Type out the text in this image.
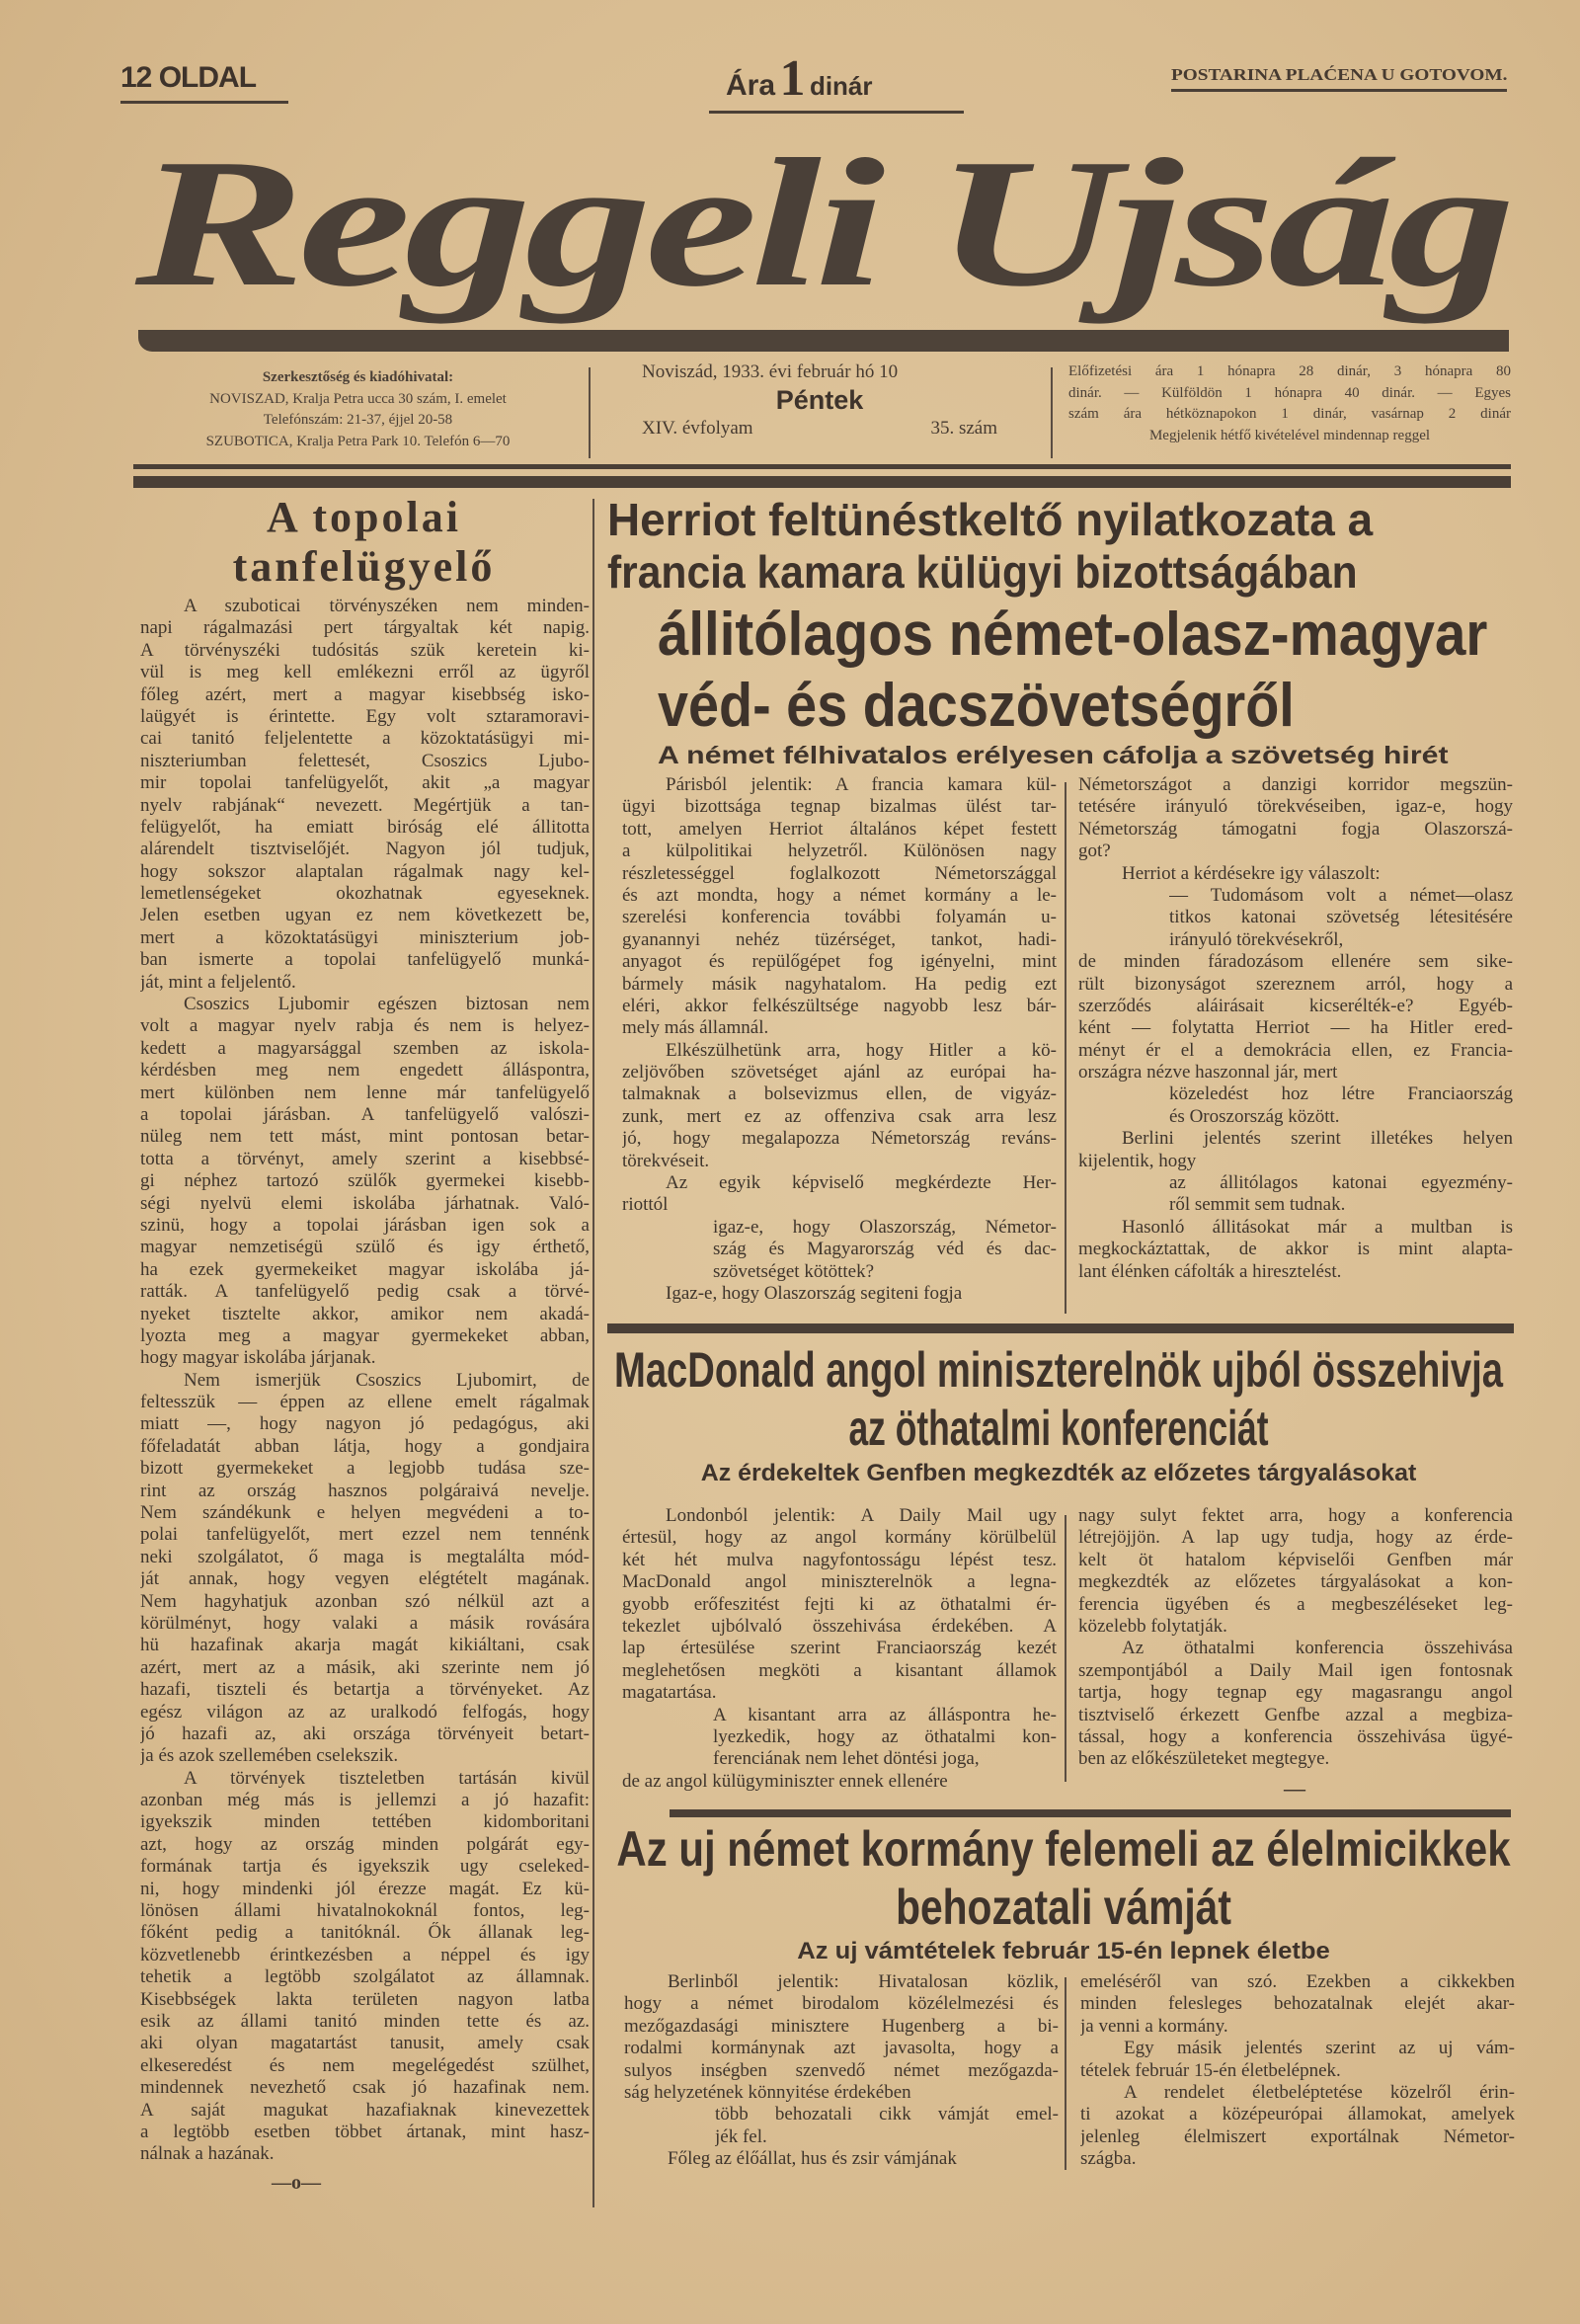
12 OLDAL	Ára 1 dinár	POSTARINA PLAĆENA U GOTOVOM.
Reggeli Ujság
Szerkesztőség és kiadóhivatal:
NOVISZAD, Kralja Petra ucca 30 szám, I. emelet
Telefónszám: 21-37, éjjel 20-58
SZUBOTICA, Kralja Petra Park 10. Telefón 6—70
Noviszád, 1933. évi február hó 10
Péntek
XIV. évfolyam	35. szám
Előfizetési ára 1 hónapra 28 dinár, 3 hónapra 80
dinár. — Külföldön 1 hónapra 40 dinár. — Egyes
szám ára hétköznapokon 1 dinár, vasárnap 2 dinár
Megjelenik hétfő kivételével mindennap reggel
A topolai
tanfelügyelő
A szuboticai törvényszéken nem minden-
napi rágalmazási pert tárgyaltak két napig.
A törvényszéki tudósitás szük keretein ki-
vül is meg kell emlékezni erről az ügyről
főleg azért, mert a magyar kisebbség isko-
laügyét is érintette. Egy volt sztaramoravi-
cai tanitó feljelentette a közoktatásügyi mi-
niszteriumban felettesét, Csoszics Ljubo-
mir topolai tanfelügyelőt, akit „a magyar
nyelv rabjának“ nevezett. Megértjük a tan-
felügyelőt, ha emiatt biróság elé állitotta
alárendelt tisztviselőjét. Nagyon jól tudjuk,
hogy sokszor alaptalan rágalmak nagy kel-
lemetlenségeket okozhatnak egyeseknek.
Jelen esetben ugyan ez nem következett be,
mert a közoktatásügyi miniszterium job-
ban ismerte a topolai tanfelügyelő munká-
ját, mint a feljelentő.
Csoszics Ljubomir egészen biztosan nem
volt a magyar nyelv rabja és nem is helyez-
kedett a magyarsággal szemben az iskola-
kérdésben meg nem engedett álláspontra,
mert különben nem lenne már tanfelügyelő
a topolai járásban. A tanfelügyelő valószi-
nüleg nem tett mást, mint pontosan betar-
totta a törvényt, amely szerint a kisebbsé-
gi néphez tartozó szülők gyermekei kisebb-
ségi nyelvü elemi iskolába járhatnak. Való-
szinü, hogy a topolai járásban igen sok a
magyar nemzetiségü szülő és igy érthető,
ha ezek gyermekeiket magyar iskolába já-
ratták. A tanfelügyelő pedig csak a törvé-
nyeket tisztelte akkor, amikor nem akadá-
lyozta meg a magyar gyermekeket abban,
hogy magyar iskolába járjanak.
Nem ismerjük Csoszics Ljubomirt, de
feltesszük — éppen az ellene emelt rágalmak
miatt —, hogy nagyon jó pedagógus, aki
főfeladatát abban látja, hogy a gondjaira
bizott gyermekeket a legjobb tudása sze-
rint az ország hasznos polgáraivá nevelje.
Nem szándékunk e helyen megvédeni a to-
polai tanfelügyelőt, mert ezzel nem tennénk
neki szolgálatot, ő maga is megtalálta mód-
ját annak, hogy vegyen elégtételt magának.
Nem hagyhatjuk azonban szó nélkül azt a
körülményt, hogy valaki a másik rovására
hü hazafinak akarja magát kikiáltani, csak
azért, mert az a másik, aki szerinte nem jó
hazafi, tiszteli és betartja a törvényeket. Az
egész világon az az uralkodó felfogás, hogy
jó hazafi az, aki országa törvényeit betart-
ja és azok szellemében cselekszik.
A törvények tiszteletben tartásán kivül
azonban még más is jellemzi a jó hazafit:
igyekszik minden tettében kidomboritani
azt, hogy az ország minden polgárát egy-
formának tartja és igyekszik ugy cseleked-
ni, hogy mindenki jól érezze magát. Ez kü-
lönösen állami hivatalnokoknál fontos, leg-
főként pedig a tanitóknál. Ők állanak leg-
közvetlenebb érintkezésben a néppel és igy
tehetik a legtöbb szolgálatot az államnak.
Kisebbségek lakta területen nagyon latba
esik az állami tanitó minden tette és az.
aki olyan magatartást tanusit, amely csak
elkeseredést és nem megelégedést szülhet,
mindennek nevezhető csak jó hazafinak nem.
A saját magukat hazafiaknak kinevezettek
a legtöbb esetben többet ártanak, mint hasz-
nálnak a hazának.
—o—
Herriot feltünéstkeltő nyilatkozata a
francia kamara külügyi bizottságában
állitólagos német-olasz-magyar
véd- és dacszövetségről
A német félhivatalos erélyesen cáfolja a szövetség hirét
Párisból jelentik: A francia kamara kül-
ügyi bizottsága tegnap bizalmas ülést tar-
tott, amelyen Herriot általános képet festett
a külpolitikai helyzetről. Különösen nagy
részletességgel foglalkozott Németországgal
és azt mondta, hogy a német kormány a le-
szerelési konferencia további folyamán u-
gyanannyi nehéz tüzérséget, tankot, hadi-
anyagot és repülőgépet fog igényelni, mint
bármely másik nagyhatalom. Ha pedig ezt
eléri, akkor felkészültsége nagyobb lesz bár-
mely más államnál.
Elkészülhetünk arra, hogy Hitler a kö-
zeljövőben szövetséget ajánl az európai ha-
talmaknak a bolsevizmus ellen, de vigyáz-
zunk, mert ez az offenziva csak arra lesz
jó, hogy megalapozza Németország reváns-
törekvéseit.
Az egyik képviselő megkérdezte Her-
riottól
igaz-e, hogy Olaszország, Németor-
szág és Magyarország véd és dac-
szövetséget kötöttek?
Igaz-e, hogy Olaszország segiteni fogja
Németországot a danzigi korridor megszün-
tetésére irányuló törekvéseiben, igaz-e, hogy
Németország támogatni fogja Olaszorszá-
got?
Herriot a kérdésekre igy válaszolt:
— Tudomásom volt a német—olasz
titkos katonai szövetség létesitésére
irányuló törekvésekről,
de minden fáradozásom ellenére sem sike-
rült bizonyságot szereznem arról, hogy a
szerződés aláirásait kicserélték-e? Egyéb-
ként — folytatta Herriot — ha Hitler ered-
ményt ér el a demokrácia ellen, ez Francia-
országra nézve haszonnal jár, mert
közeledést hoz létre Franciaország
és Oroszország között.
Berlini jelentés szerint illetékes helyen
kijelentik, hogy
az állitólagos katonai egyezmény-
ről semmit sem tudnak.
Hasonló állitásokat már a multban is
megkockáztattak, de akkor is mint alapta-
lant élénken cáfolták a hiresztelést.
MacDonald angol miniszterelnök ujból összehivja
az öthatalmi konferenciát
Az érdekeltek Genfben megkezdték az előzetes tárgyalásokat
Londonból jelentik: A Daily Mail ugy
értesül, hogy az angol kormány körülbelül
két hét mulva nagyfontosságu lépést tesz.
MacDonald angol miniszterelnök a legna-
gyobb erőfeszitést fejti ki az öthatalmi ér-
tekezlet ujbólvaló összehivása érdekében. A
lap értesülése szerint Franciaország kezét
meglehetősen megköti a kisantant államok
magatartása.
A kisantant arra az álláspontra he-
lyezkedik, hogy az öthatalmi kon-
ferenciának nem lehet döntési joga,
de az angol külügyminiszter ennek ellenére
nagy sulyt fektet arra, hogy a konferencia
létrejöjjön. A lap ugy tudja, hogy az érde-
kelt öt hatalom képviselői Genfben már
megkezdték az előzetes tárgyalásokat a kon-
ferencia ügyében és a megbeszéléseket leg-
közelebb folytatják.
Az öthatalmi konferencia összehivása
szempontjából a Daily Mail igen fontosnak
tartja, hogy tegnap egy magasrangu angol
tisztviselő érkezett Genfbe azzal a megbiza-
tással, hogy a konferencia összehivása ügyé-
ben az előkészületeket megtegye.
—
Az uj német kormány felemeli az élelmicikkek
behozatali vámját
Az uj vámtételek február 15-én lepnek életbe
Berlinből jelentik: Hivatalosan közlik,
hogy a német birodalom közélelmezési és
mezőgazdasági minisztere Hugenberg a bi-
rodalmi kormánynak azt javasolta, hogy a
sulyos inségben szenvedő német mezőgazda-
ság helyzetének könnyitése érdekében
több behozatali cikk vámját emel-
jék fel.
Főleg az élőállat, hus és zsir vámjának
emeléséről van szó. Ezekben a cikkekben
minden felesleges behozatalnak elejét akar-
ja venni a kormány.
Egy másik jelentés szerint az uj vám-
tételek február 15-én életbelépnek.
A rendelet életbeléptetése közelről érin-
ti azokat a középeurópai államokat, amelyek
jelenleg élelmiszert exportálnak Németor-
szágba.
